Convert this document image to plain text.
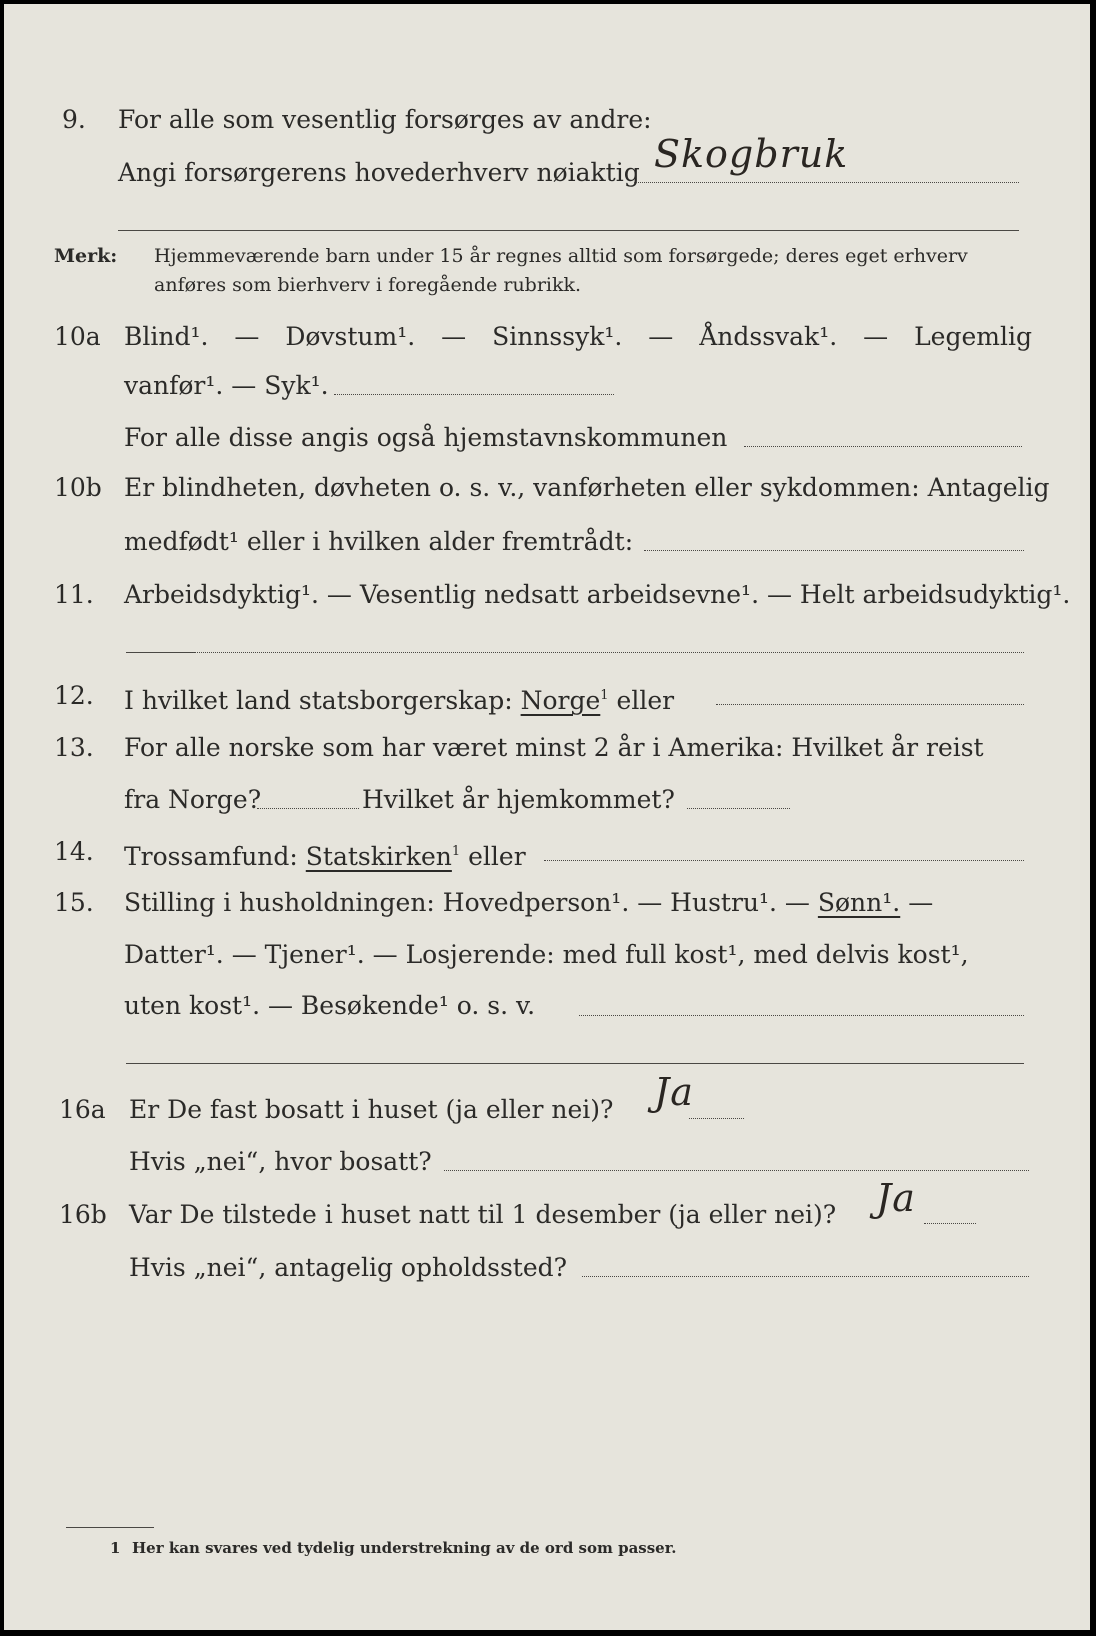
9. For alle som vesentlig forsørges av andre:
Angi forsørgerens hovederhverv nøiaktig Skogbruk
Merk: Hjemmeværende barn under 15 år regnes alltid som forsørgede; deres eget erhverv
anføres som bierhverv i foregående rubrikk.
10a Blind¹. — Døvstum¹. — Sinnssyk¹. — Åndssvak¹. — Legemlig
vanfør¹. — Syk¹.
For alle disse angis også hjemstavnskommunen
10b Er blindheten, døvheten o. s. v., vanførheten eller sykdommen: Antagelig
medfødt¹ eller i hvilken alder fremtrådt:
11. Arbeidsdyktig¹. — Vesentlig nedsatt arbeidsevne¹. — Helt arbeidsudyktig¹.
12. I hvilket land statsborgerskap: Norge$^1$ eller
13. For alle norske som har været minst 2 år i Amerika: Hvilket år reist
fra Norge?	Hvilket år hjemkommet?
14. Trossamfund: Statskirken$^1$ eller
15. Stilling i husholdningen: Hovedperson¹. — Hustru¹. — Sønn¹. —
Datter¹. — Tjener¹. — Losjerende: med full kost¹, med delvis kost¹,
uten kost¹. — Besøkende¹ o. s. v.
16a Er De fast bosatt i huset (ja eller nei)? Ja
Hvis „nei“, hvor bosatt?
16b Var De tilstede i huset natt til 1 desember (ja eller nei)? Ja
Hvis „nei“, antagelig opholdssted?
1 Her kan svares ved tydelig understrekning av de ord som passer.
